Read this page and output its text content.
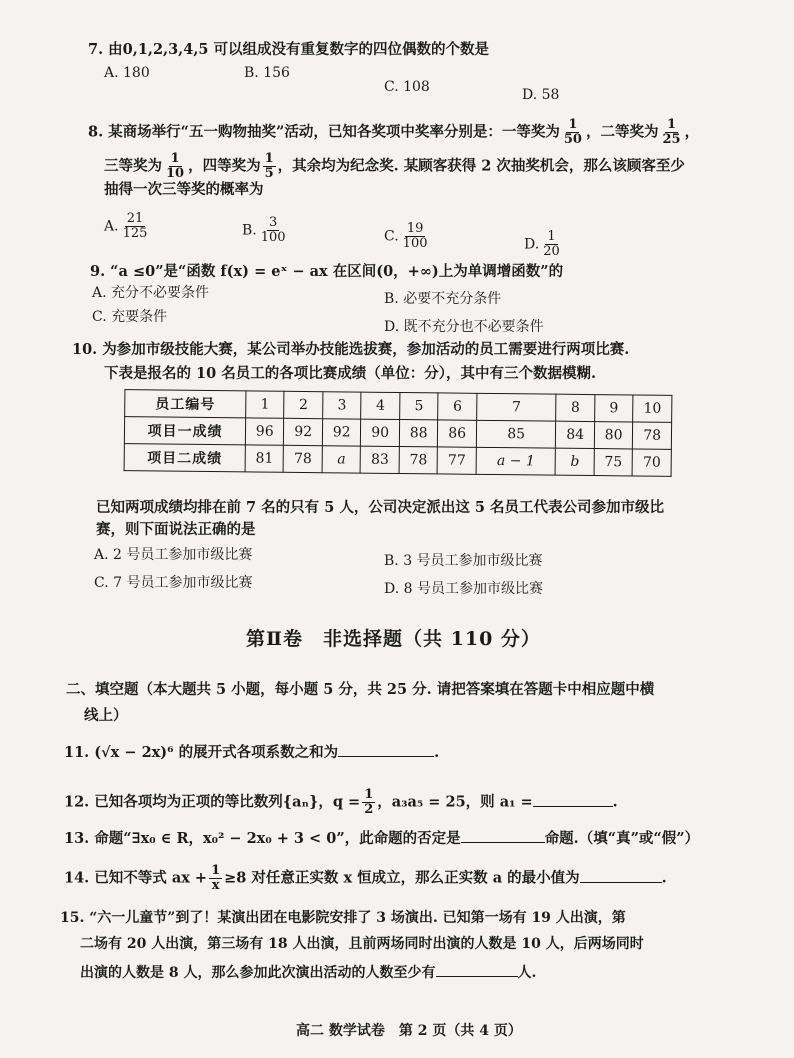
7. 由0,1,2,3,4,5 可以组成没有重复数字的四位偶数的个数是
A. 180	B. 156
C. 108	D. 58
8. 某商场举行“五一购物抽奖”活动，已知各奖项中奖率分别是：一等奖为 $\frac{1}{50}$ ，二等奖为 $\frac{1}{25}$ ，
三等奖为 $\frac{1}{10}$ ，四等奖为 $\frac{1}{5}$ ，其余均为纪念奖. 某顾客获得 2 次抽奖机会，那么该顾客至少
抽得一次三等奖的概率为
A. $\frac{21}{125}$	B. $\frac{3}{100}$	C. $\frac{19}{100}$	D. $\frac{1}{20}$
9. “a ≤0”是“函数 f(x) = eˣ − ax 在区间(0，+∞)上为单调增函数”的
A. 充分不必要条件	B. 必要不充分条件
C. 充要条件
D. 既不充分也不必要条件
10. 为参加市级技能大赛，某公司举办技能选拔赛，参加活动的员工需要进行两项比赛.
下表是报名的 10 名员工的各项比赛成绩（单位：分），其中有三个数据模糊.
员工编号	1	2	3	4	5	6	7	8	9	10
项目一成绩	96	92	92	90	88	86	85	84	80	78
项目二成绩	81	78	a	83	78	77	a − 1	b	75	70
已知两项成绩均排在前 7 名的只有 5 人，公司决定派出这 5 名员工代表公司参加市级比
赛，则下面说法正确的是
A. 2 号员工参加市级比赛	B. 3 号员工参加市级比赛
C. 7 号员工参加市级比赛	D. 8 号员工参加市级比赛
第Ⅱ卷　非选择题（共 110 分）
二、填空题（本大题共 5 小题，每小题 5 分，共 25 分. 请把答案填在答题卡中相应题中横
线上）
11. (√x − 2x)⁶ 的展开式各项系数之和为	.
12. 已知各项均为正项的等比数列{aₙ}，$q = \frac{1}{2}$ ，a₃a₅ = 25，则 a₁ =	.
13. 命题“∃x₀ ∈ R，x₀² − 2x₀ + 3 < 0”，此命题的否定是	命题.（填“真”或“假”）
14. 已知不等式 ax + $\frac{1}{x} \ge 8$ 对任意正实数 x 恒成立，那么正实数 a 的最小值为	.
15. “六一儿童节”到了！某演出团在电影院安排了 3 场演出. 已知第一场有 19 人出演，第
二场有 20 人出演，第三场有 18 人出演，且前两场同时出演的人数是 10 人，后两场同时
出演的人数是 8 人，那么参加此次演出活动的人数至少有	人.
高二 数学试卷　第 2 页（共 4 页）
